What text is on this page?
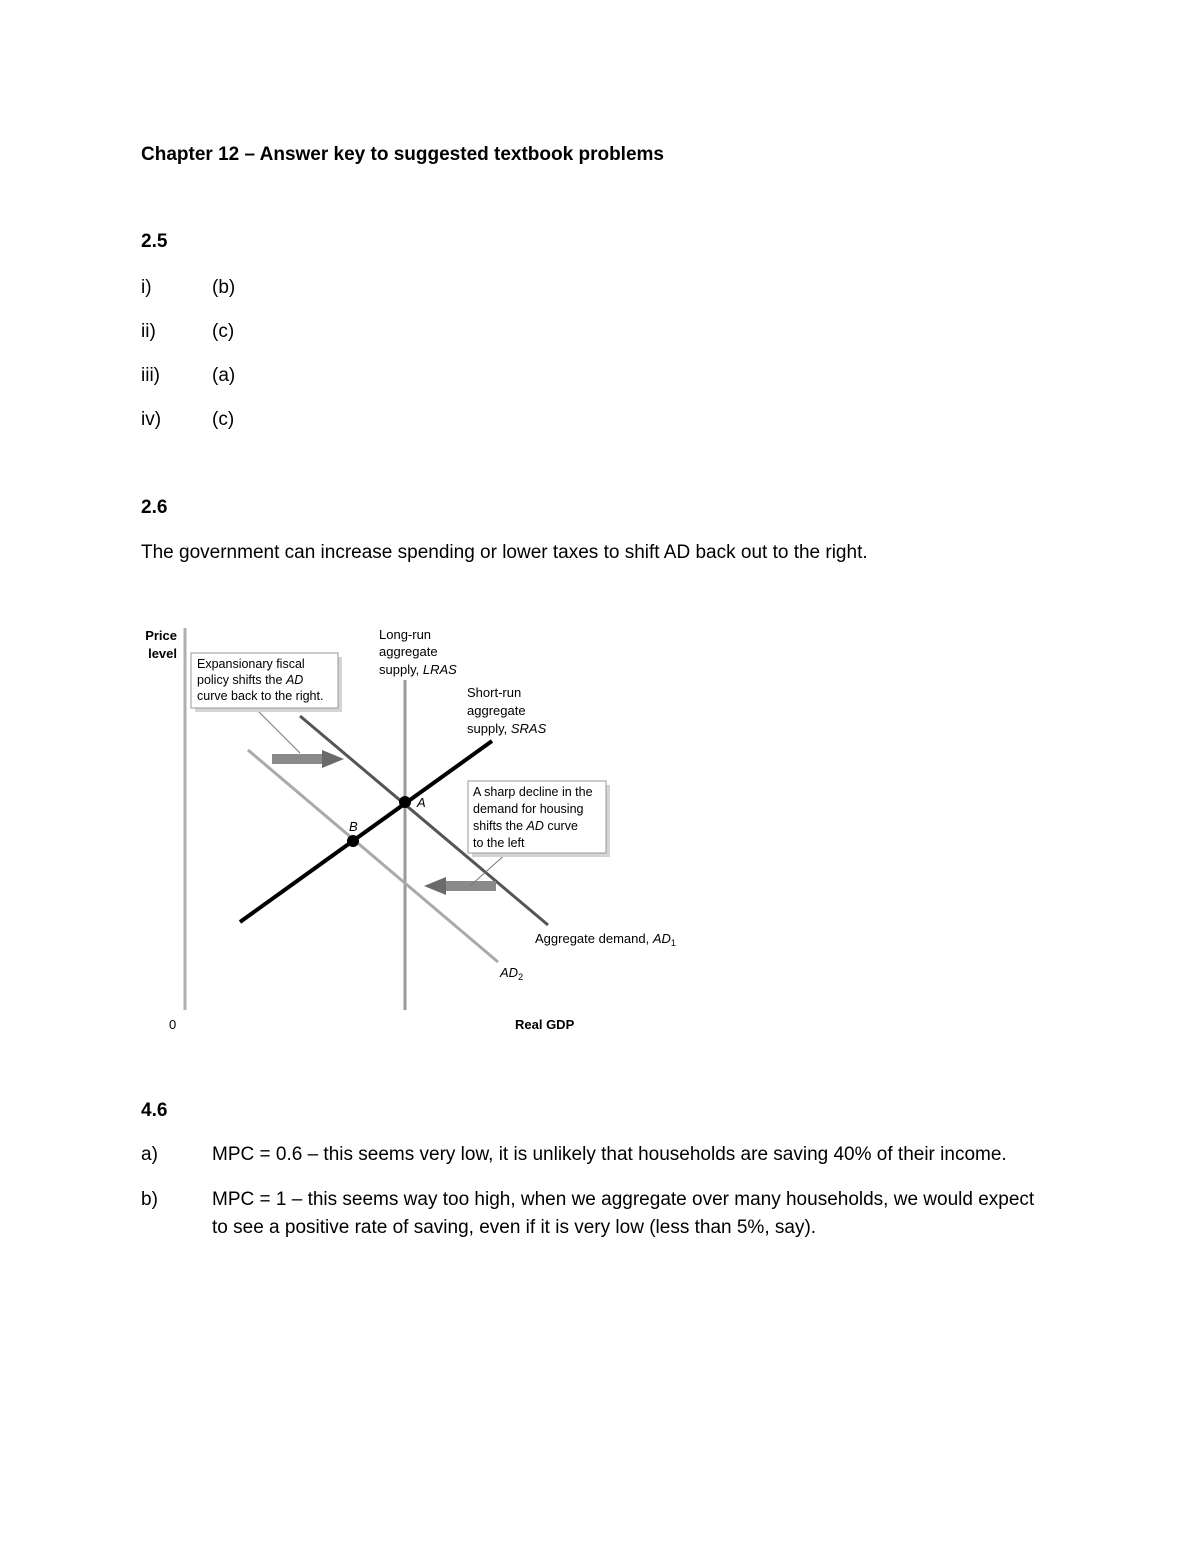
Chapter 12 – Answer key to suggested textbook problems
2.5
i)	(b)
ii)	(c)
iii)	(a)
iv)	(c)
2.6
The government can increase spending or lower taxes to shift AD back out to the right.
A
B
Price
level
0	Real GDP
Long-run
aggregate
supply, LRAS
Short-run
aggregate
supply, SRAS
Expansionary fiscal
policy shifts the AD
curve back to the right.
A sharp decline in the
demand for housing
shifts the AD curve
to the left
Aggregate demand, $AD_1$
$AD_2$
4.6
a)	MPC = 0.6 – this seems very low, it is unlikely that households are saving 40% of their income.
b)	MPC = 1 – this seems way too high, when we aggregate over many households, we would expect to see a positive rate of saving, even if it is very low (less than 5%, say).
